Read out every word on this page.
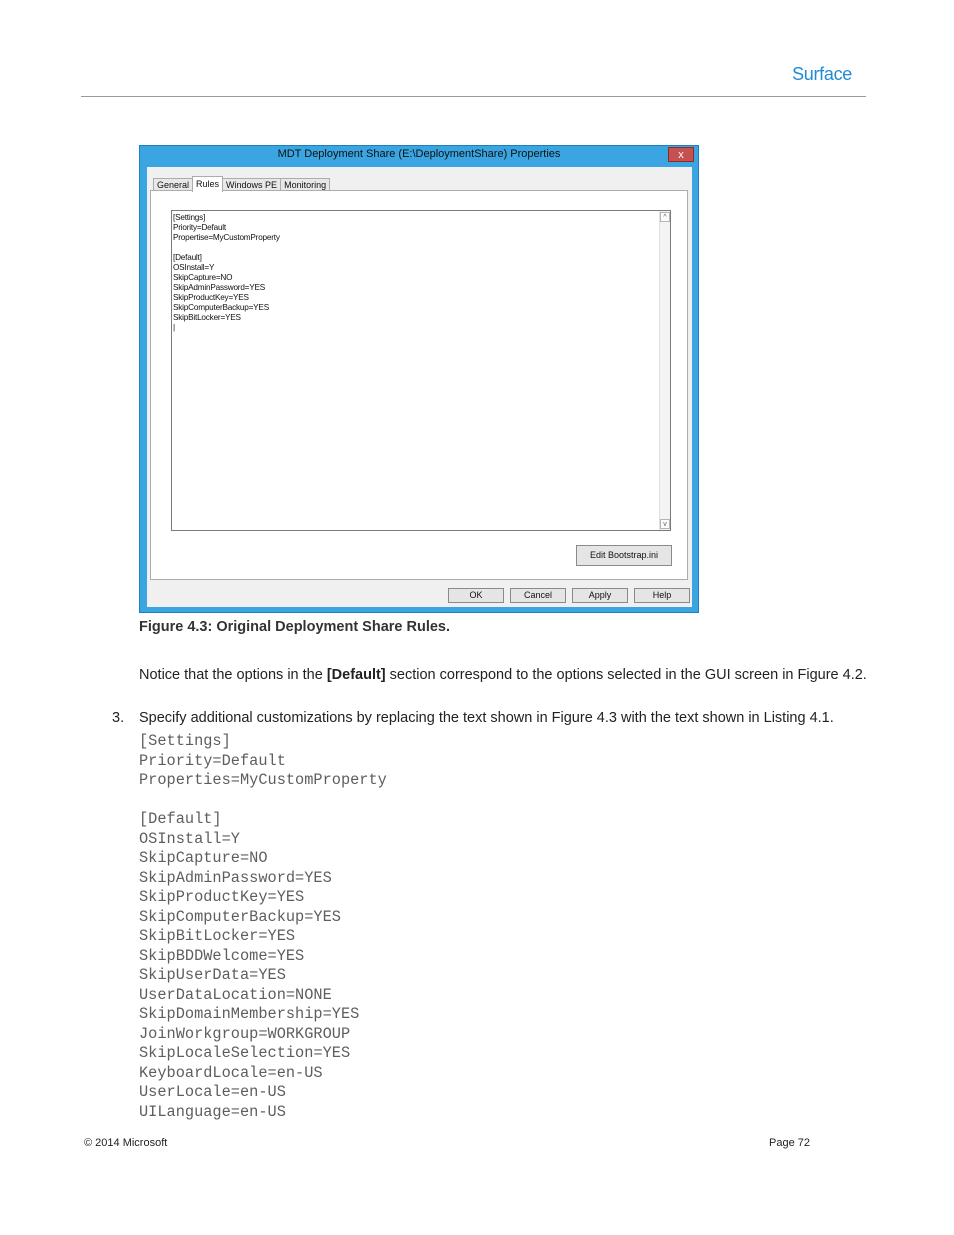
Surface
MDT Deployment Share (E:\DeploymentShare) Properties	x
General Rules Windows PE Monitoring
[Settings]
Priority=Default
Propertise=MyCustomProperty

[Default]
OSInstall=Y
SkipCapture=NO
SkipAdminPassword=YES
SkipProductKey=YES
SkipComputerBackup=YES
SkipBitLocker=YES
|
^
v
Edit Bootstrap.ini
OK	Cancel	Apply	Help
Figure 4.3: Original Deployment Share Rules.
Notice that the options in the [Default] section correspond to the options selected in the GUI screen in Figure 4.2.
3. Specify additional customizations by replacing the text shown in Figure 4.3 with the text shown in Listing 4.1.
[Settings]
Priority=Default
Properties=MyCustomProperty

[Default]
OSInstall=Y
SkipCapture=NO
SkipAdminPassword=YES
SkipProductKey=YES
SkipComputerBackup=YES
SkipBitLocker=YES
SkipBDDWelcome=YES
SkipUserData=YES
UserDataLocation=NONE
SkipDomainMembership=YES
JoinWorkgroup=WORKGROUP
SkipLocaleSelection=YES
KeyboardLocale=en-US
UserLocale=en-US
UILanguage=en-US
© 2014 Microsoft	Page 72
